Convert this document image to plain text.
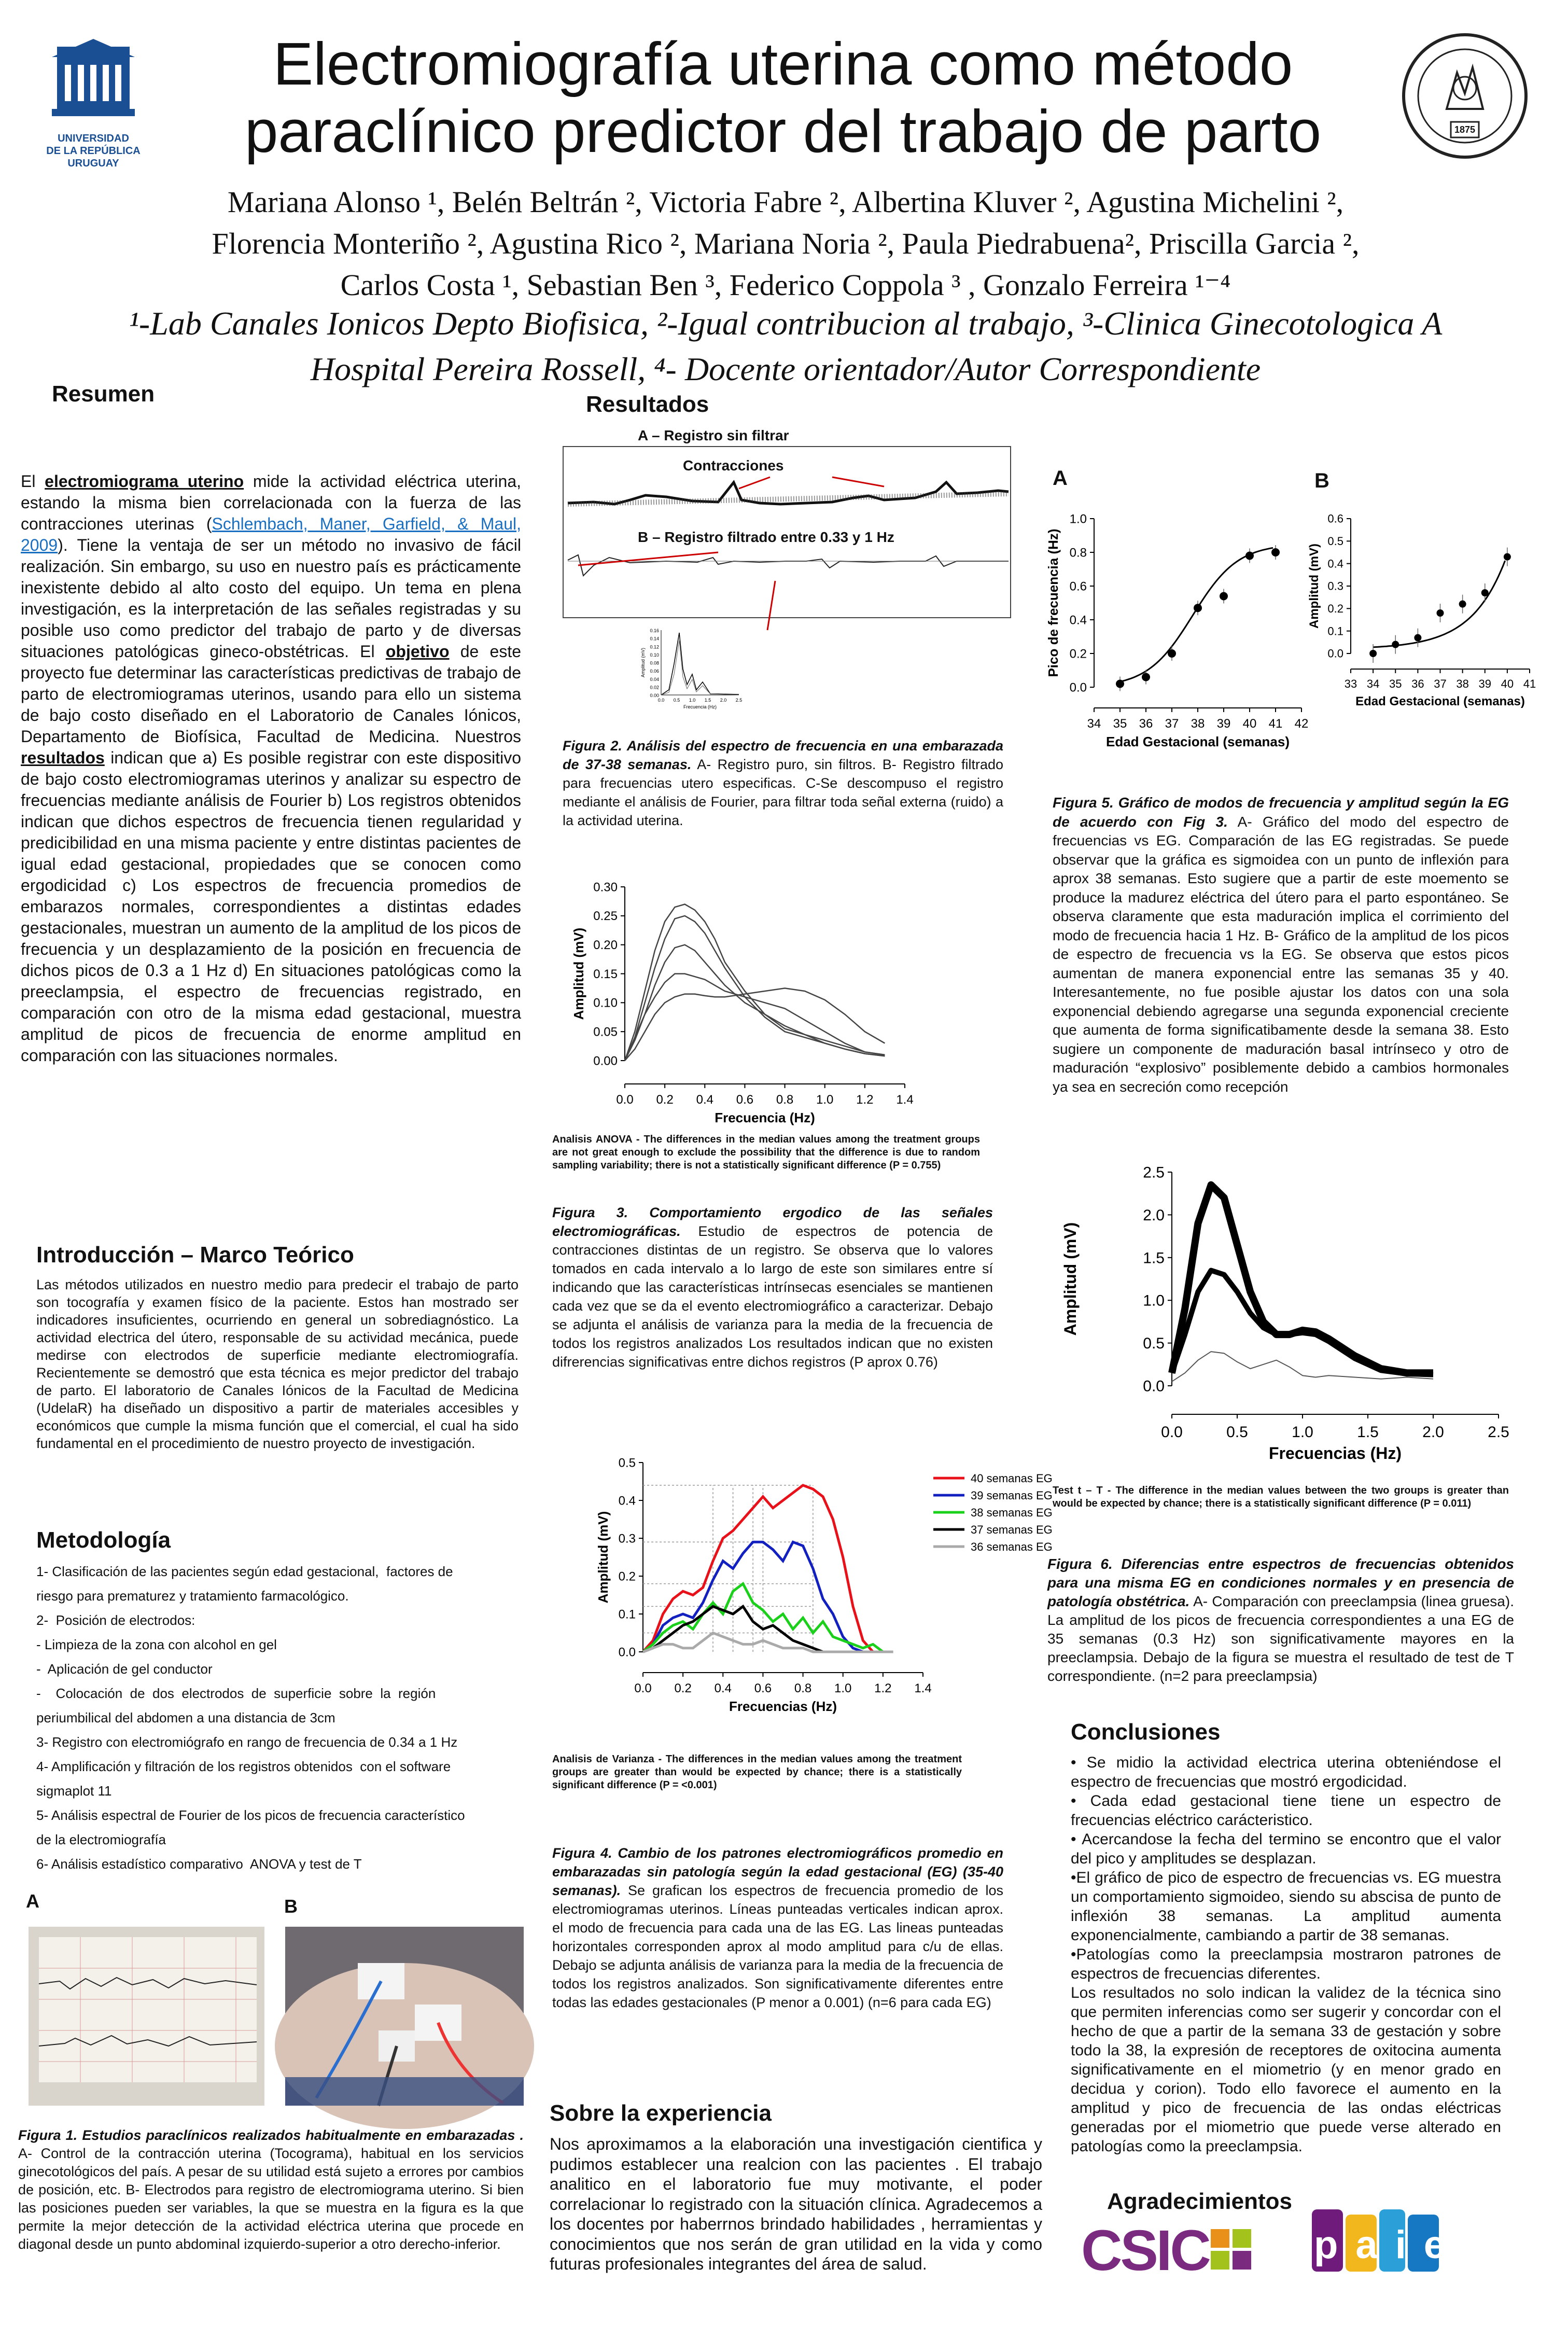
UNIVERSIDAD
DE LA REPÚBLICA
URUGUAY
Electromiografía uterina como método
paraclínico predictor del trabajo de parto	1875
Mariana Alonso ¹, Belén Beltrán ², Victoria Fabre ², Albertina Kluver ², Agustina Michelini ²,
Florencia Monteriño ², Agustina Rico ², Mariana Noria ², Paula Piedrabuena², Priscilla Garcia ²,
Carlos Costa ¹, Sebastian Ben ³, Federico Coppola ³ , Gonzalo Ferreira ¹⁻⁴
¹-Lab Canales Ionicos Depto Biofisica, ²-Igual contribucion al trabajo, ³-Clinica Ginecotologica A
Hospital Pereira Rossell, ⁴- Docente orientador/Autor Correspondiente
Resumen
El electromiograma uterino mide la actividad eléctrica uterina, estando la misma bien correlacionada con la fuerza de las contracciones uterinas (Schlembach, Maner, Garfield, & Maul, 2009). Tiene la ventaja de ser un método no invasivo de fácil realización. Sin embargo, su uso en nuestro país es prácticamente inexistente debido al alto costo del equipo. Un tema en plena investigación, es la interpretación de las señales registradas y su posible uso como predictor del trabajo de parto y de diversas situaciones patológicas gineco-obstétricas. El objetivo de este proyecto fue determinar las características predictivas de trabajo de parto de electromiogramas uterinos, usando para ello un sistema de bajo costo diseñado en el Laboratorio de Canales Iónicos, Departamento de Biofísica, Facultad de Medicina. Nuestros resultados indican que a) Es posible registrar con este dispositivo de bajo costo electromiogramas uterinos y analizar su espectro de frecuencias mediante análisis de Fourier b) Los registros obtenidos indican que dichos espectros de frecuencia tienen regularidad y predicibilidad en una misma paciente y entre distintas pacientes de igual edad gestacional, propiedades que se conocen como ergodicidad c) Los espectros de frecuencia promedios de embarazos normales, correspondientes a distintas edades gestacionales, muestran un aumento de la amplitud de los picos de frecuencia y un desplazamiento de la posición en frecuencia de dichos picos de 0.3 a 1 Hz d) En situaciones patológicas como la preeclampsia, el espectro de frecuencias registrado, en comparación con otro de la misma edad gestacional, muestra amplitud de picos de frecuencia de enorme amplitud en comparación con las situaciones normales.
Introducción – Marco Teórico
Las métodos utilizados en nuestro medio para predecir el trabajo de parto son tocografía y examen físico de la paciente. Estos han mostrado ser indicadores insuficientes, ocurriendo en general un sobrediagnóstico. La actividad electrica del útero, responsable de su actividad mecánica, puede medirse con electrodos de superficie mediante electromiografía. Recientemente se demostró que esta técnica es mejor predictor del trabajo de parto. El laboratorio de Canales Iónicos de la Facultad de Medicina (UdelaR) ha diseñado un dispositivo a partir de materiales accesibles y económicos que cumple la misma función que el comercial, el cual ha sido fundamental en el procedimiento de nuestro proyecto de investigación.
Metodología
1- Clasificación de las pacientes según edad gestacional,  factores de
riesgo para prematurez y tratamiento farmacológico.
2-  Posición de electrodos:
- Limpieza de la zona con alcohol en gel
-  Aplicación de gel conductor
-    Colocación  de  dos  electrodos  de  superficie  sobre  la  región
periumbilical del abdomen a una distancia de 3cm
3- Registro con electromiógrafo en rango de frecuencia de 0.34 a 1 Hz
4- Amplificación y filtración de los registros obtenidos  con el software
sigmaplot 11
5- Análisis espectral de Fourier de los picos de frecuencia característico
de la electromiografía
6- Análisis estadístico comparativo  ANOVA y test de T
A	B
Figura 1. Estudios paraclínicos realizados habitualmente en embarazadas . A- Control de la contracción uterina (Tocograma), habitual en los servicios ginecotológicos del país. A pesar de su utilidad está sujeto a errores por cambios de posición, etc. B- Electrodos para registro de electromiograma uterino. Si bien las posiciones pueden ser variables, la que se muestra en la figura es la que permite la mejor detección de la actividad eléctrica uterina que procede en diagonal desde un punto abdominal izquierdo-superior a otro derecho-inferior.
Resultados
A – Registro sin filtrar
0.16
0.14
0.12
0.10
0.08
0.06
0.04
0.02
0.00
0.0 0.5 1.0 1.5 2.0 2.5
Frecuencia (Hz)
Amplitud (mV)
Contracciones
B – Registro filtrado entre 0.33 y 1 Hz
Figura 2. Análisis del espectro de frecuencia en una embarazada de 37-38 semanas. A- Registro puro, sin filtros. B- Registro filtrado para frecuencias utero especificas. C-Se descompuso el registro mediante el análisis de Fourier, para filtrar toda señal externa (ruido) a la actividad uterina.
0.30
0.25
0.20
0.15
0.10
0.05
0.00
0.0 0.2 0.4 0.6 0.8 1.0 1.2 1.4
Frecuencia (Hz)
Amplitud (mV)
Analisis ANOVA - The differences in the median values among the treatment groups are not great enough to exclude the possibility that the difference is due to random sampling variability; there is not a statistically significant difference (P = 0.755)
Figura 3. Comportamiento ergodico de las señales electromiográficas. Estudio de espectros de potencia de contracciones distintas de un registro. Se observa que lo valores tomados en cada intervalo a lo largo de este son similares entre sí indicando que las características intrínsecas esenciales se mantienen cada vez que se da el evento electromiográfico a caracterizar. Debajo se adjunta el análisis de varianza para la media de la frecuencia de todos los registros analizados Los resultados indican que no existen difrerencias significativas entre dichos registros (P aprox 0.76)
0.5
0.4
0.3
0.2
0.1
0.0
0.0 0.2 0.4 0.6 0.8 1.0 1.2 1.4
Frecuencias (Hz)
Amplitud (mV)
40 semanas EG
39 semanas EG
38 semanas EG
37 semanas EG
36 semanas EG
Analisis de Varianza - The differences in the median values among the treatment groups are greater than would be expected by chance; there is a statistically significant difference (P = <0.001)
Figura 4. Cambio de los patrones electromiográficos promedio en embarazadas sin patología según la edad gestacional (EG) (35-40 semanas). Se grafican los espectros de frecuencia promedio de los electromiogramas uterinos. Líneas punteadas verticales indican aprox. el modo de frecuencia para cada una de las EG. Las lineas punteadas horizontales corresponden aprox al modo amplitud para c/u de ellas. Debajo se adjunta análisis de varianza para la media de la frecuencia de todos los registros analizados. Son significativamente diferentes entre todas las edades gestacionales (P menor a 0.001) (n=6 para cada EG)
Sobre la experiencia
Nos aproximamos a la elaboración una investigación cientifica y pudimos establecer una realcion con las pacientes . El trabajo analitico en el laboratorio fue muy motivante, el poder correlacionar lo registrado con la situación clínica. Agradecemos a los docentes por haberrnos brindado habilidades , herramientas y conocimientos que nos serán de gran utilidad en la vida y como futuras profesionales integrantes del área de salud.
A	B
1.0
0.8
0.6
0.4
0.2
0.0
34 35 36 37 38 39 40 41 42
Edad Gestacional (semanas)
Pico de frecuencia (Hz)
0.6
0.5
0.4
0.3
0.2
0.1
0.0
33 34 35 36 37 38 39 40 41
Edad Gestacional (semanas)
Amplitud (mV)
Figura 5. Gráfico de modos de frecuencia y amplitud según la EG de acuerdo con Fig 3. A- Gráfico del modo del espectro de frecuencias vs EG. Comparación de las EG registradas. Se puede observar que la gráfica es sigmoidea con un punto de inflexión para aprox 38 semanas. Esto sugiere que a partir de este moemento se produce la madurez eléctrica del útero para el parto espontáneo. Se observa claramente que esta maduración implica el corrimiento del modo de frecuencia hacia 1 Hz. B- Gráfico de la amplitud de los picos de espectro de frecuencia vs la EG. Se observa que estos picos aumentan de manera exponencial entre las semanas 35 y 40. Interesantemente, no fue posible ajustar los datos con una sola exponencial debiendo agregarse una segunda exponencial creciente que aumenta de forma significatibamente desde la semana 38. Esto sugiere un componente de maduración basal intrínseco y otro de maduración “explosivo” posiblemente debido a cambios hormonales ya sea en secreción como recepción
2.5
2.0
1.5
1.0
0.5
0.0
0.0	0.5	1.0	1.5	2.0	2.5
Frecuencias (Hz)
Amplitud (mV)
Test t – T - The difference in the median values between the two groups is greater than would be expected by chance; there is a statistically significant difference (P = 0.011)
Figura 6. Diferencias entre espectros de frecuencias obtenidos para una misma EG en condiciones normales y en presencia de patología obstétrica. A- Comparación con preeclampsia (linea gruesa). La amplitud de los picos de frecuencia correspondientes a una EG de 35 semanas (0.3 Hz) son significativamente mayores en la preeclampsia. Debajo de la figura se muestra el resultado de test de T correspondiente. (n=2 para preeclampsia)
Conclusiones
• Se midio la actividad electrica uterina obteniéndose el espectro de frecuencias que mostró ergodicidad.
• Cada edad gestacional tiene tiene un espectro de frecuencias eléctrico carácteristico.
• Acercandose la fecha del termino se encontro que el valor del pico y amplitudes se desplazan.
•El gráfico de pico de espectro de frecuencias vs. EG muestra un comportamiento sigmoideo, siendo su abscisa de punto de inflexión 38 semanas. La amplitud aumenta exponencialmente, cambiando a partir de 38 semanas.
•Patologías como la preeclampsia mostraron patrones de espectros de frecuencias diferentes.
Los resultados no solo indican la validez de la técnica sino que permiten inferencias como ser sugerir y concordar con el hecho de que a partir de la semana 33 de gestación y sobre todo la 38, la expresión de receptores de oxitocina aumenta significativamente en el miometrio (y en menor grado en decidua y corion). Todo ello favorece el aumento en la amplitud y pico de frecuencia de las ondas eléctricas generadas por el miometrio que puede verse alterado en patologías como la preeclampsia.
Agradecimientos
CSIC	paie
